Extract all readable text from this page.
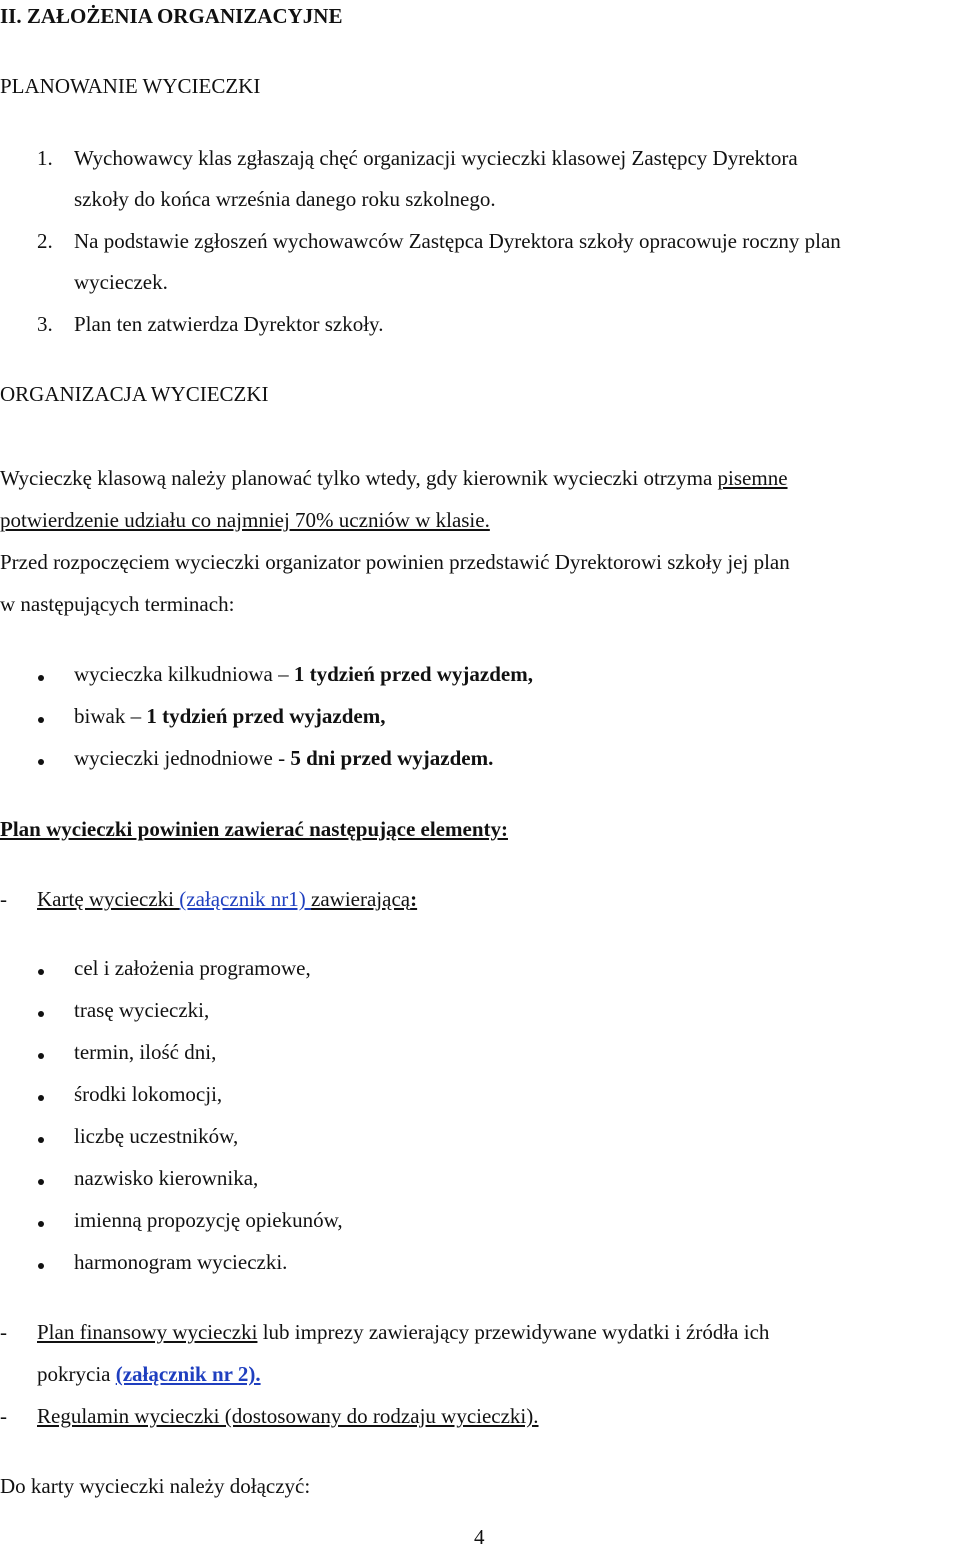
II. ZAŁOŻENIA ORGANIZACYJNE
PLANOWANIE WYCIECZKI
1. Wychowawcy klas zgłaszają chęć organizacji wycieczki klasowej Zastępcy Dyrektora
szkoły do końca września danego roku szkolnego.
2. Na podstawie zgłoszeń wychowawców Zastępca Dyrektora szkoły opracowuje roczny plan
wycieczek.
3. Plan ten zatwierdza Dyrektor szkoły.
ORGANIZACJA WYCIECZKI
Wycieczkę klasową należy planować tylko wtedy, gdy kierownik wycieczki otrzyma pisemne
potwierdzenie udziału co najmniej 70% uczniów w klasie.
Przed rozpoczęciem wycieczki organizator powinien przedstawić Dyrektorowi szkoły jej plan
w następujących terminach:
wycieczka kilkudniowa – 1 tydzień przed wyjazdem,
biwak – 1 tydzień przed wyjazdem,
wycieczki jednodniowe - 5 dni przed wyjazdem.
Plan wycieczki powinien zawierać następujące elementy:
- Kartę wycieczki (załącznik nr1) zawierającą:
cel i założenia programowe,
trasę wycieczki,
termin, ilość dni,
środki lokomocji,
liczbę uczestników,
nazwisko kierownika,
imienną propozycję opiekunów,
harmonogram wycieczki.
- Plan finansowy wycieczki lub imprezy zawierający przewidywane wydatki i źródła ich
pokrycia (załącznik nr 2).
- Regulamin wycieczki (dostosowany do rodzaju wycieczki).
Do karty wycieczki należy dołączyć:
4
